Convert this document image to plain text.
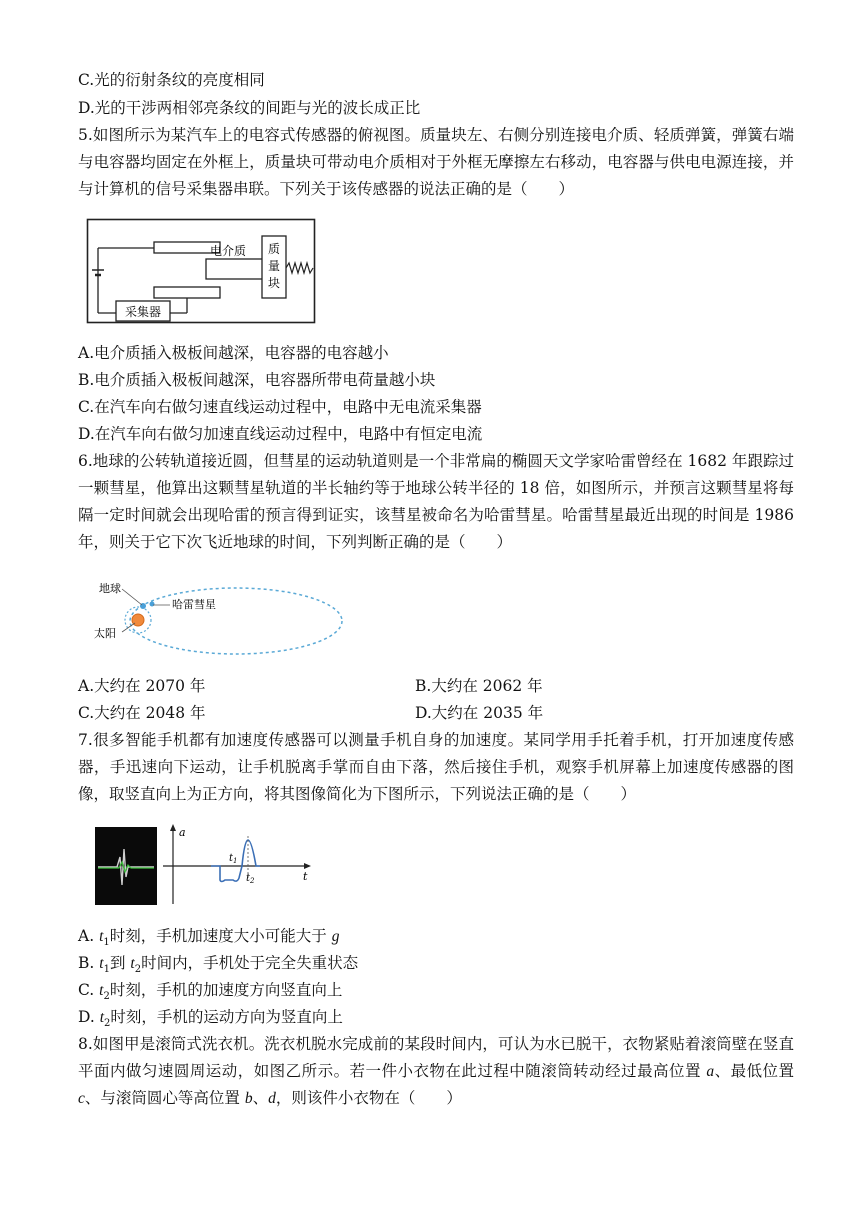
C.光的衍射条纹的亮度相同
D.光的干涉两相邻亮条纹的间距与光的波长成正比
5.如图所示为某汽车上的电容式传感器的俯视图。质量块左、右侧分别连接电介质、轻质弹簧，弹簧右端与电容器均固定在外框上，质量块可带动电介质相对于外框无摩擦左右移动，电容器与供电电源连接，并与计算机的信号采集器串联。下列关于该传感器的说法正确的是（　　）
电介质 质
量
块
采集器
A.电介质插入极板间越深，电容器的电容越小
B.电介质插入极板间越深，电容器所带电荷量越小块
C.在汽车向右做匀速直线运动过程中，电路中无电流采集器
D.在汽车向右做匀加速直线运动过程中，电路中有恒定电流
6.地球的公转轨道接近圆，但彗星的运动轨道则是一个非常扁的椭圆天文学家哈雷曾经在 1682 年跟踪过一颗彗星，他算出这颗彗星轨道的半长轴约等于地球公转半径的 18 倍，如图所示，并预言这颗彗星将每隔一定时间就会出现哈雷的预言得到证实，该彗星被命名为哈雷彗星。哈雷彗星最近出现的时间是 1986 年，则关于它下次飞近地球的时间，下列判断正确的是（　　）
地球
哈雷彗星
太阳
A.大约在 2070 年	B.大约在 2062 年
C.大约在 2048 年	D.大约在 2035 年
7.很多智能手机都有加速度传感器可以测量手机自身的加速度。某同学用手托着手机，打开加速度传感器，手迅速向下运动，让手机脱离手掌而自由下落，然后接住手机，观察手机屏幕上加速度传感器的图像，取竖直向上为正方向，将其图像简化为下图所示，下列说法正确的是（　　）
a
t
$t_1$
$t_2$
A. $t_1$时刻，手机加速度大小可能大于 g
B. $t_1$到 $t_2$时间内，手机处于完全失重状态
C. $t_2$时刻，手机的加速度方向竖直向上
D. $t_2$时刻，手机的运动方向为竖直向上
8.如图甲是滚筒式洗衣机。洗衣机脱水完成前的某段时间内，可认为水已脱干，衣物紧贴着滚筒壁在竖直平面内做匀速圆周运动，如图乙所示。若一件小衣物在此过程中随滚筒转动经过最高位置 a、最低位置 c、与滚筒圆心等高位置 b、d，则该件小衣物在（　　）
